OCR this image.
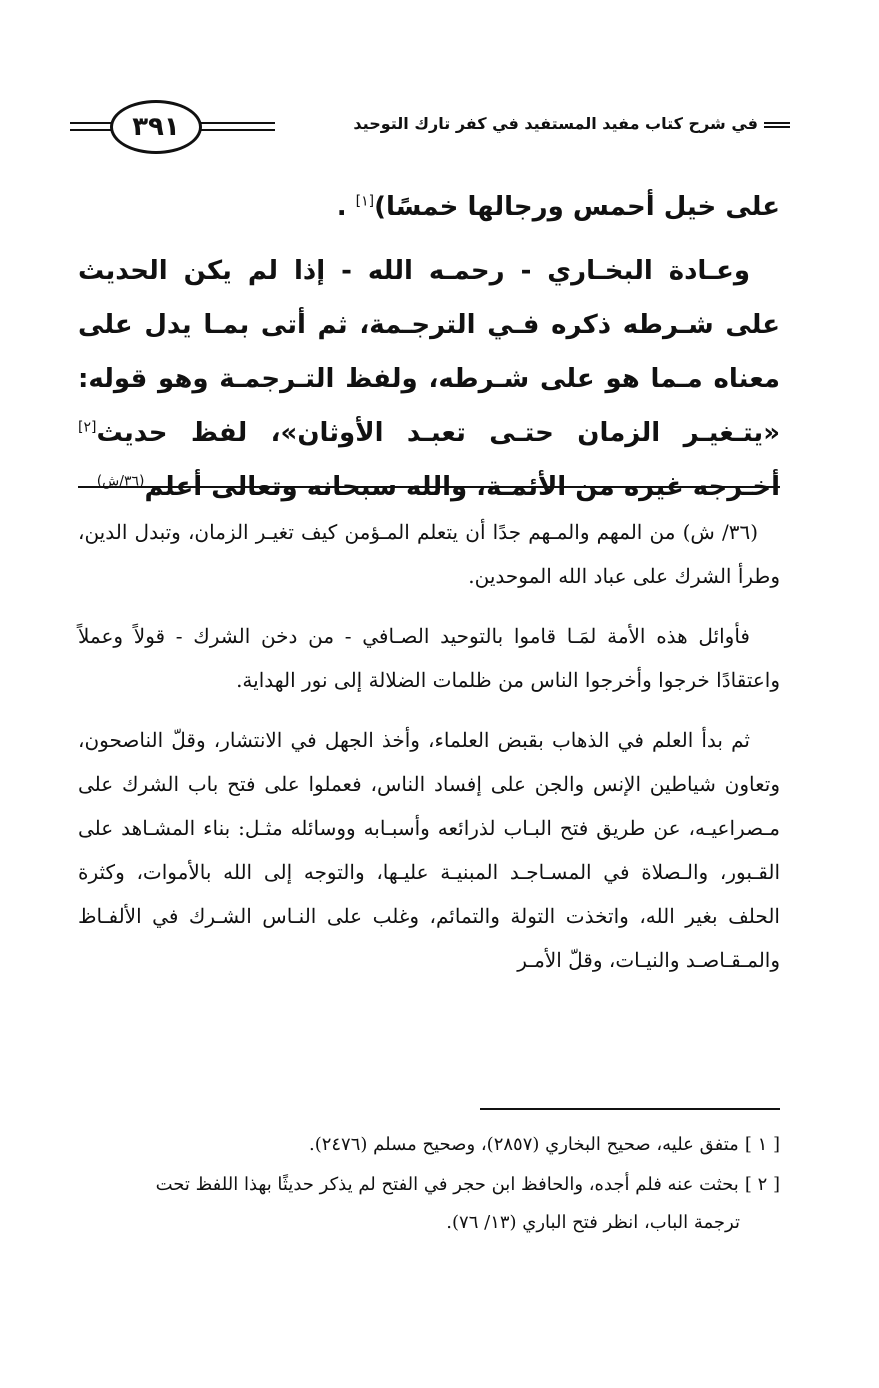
٣٩١	في شرح كتاب مفيد المستفيد في كفر تارك التوحيد

على خيل أحمس ورجالها خمسًا)[١] .

وعـادة البخـاري - رحمـه الله - إذا لم يكن الحديث على شـرطه ذكره فـي الترجـمة، ثم أتى بمـا يدل على معناه مـما هو على شـرطه، ولفظ التـرجمـة وهو قوله: «يتـغيـر الزمان حتـى تعبـد الأوثان»، لفظ حديث[٢] أخـرجه غيره من الأئمـة، والله سبحانه وتعالى أعلم$^{(٣٦/ش)}$

(٣٦/ ش) من المهم والمـهم جدًا أن يتعلم المـؤمن كيف تغيـر الزمان، وتبدل الدين، وطرأ الشرك على عباد الله الموحدين.

فأوائل هذه الأمة لمَـا قاموا بالتوحيد الصـافي - من دخن الشرك - قولاً وعملاً واعتقادًا خرجوا وأخرجوا الناس من ظلمات الضلالة إلى نور الهداية.

ثم بدأ العلم في الذهاب بقبض العلماء، وأخذ الجهل في الانتشار، وقلّ الناصحون، وتعاون شياطين الإنس والجن على إفساد الناس، فعملوا على فتح باب الشرك على مـصراعيـه، عن طريق فتح البـاب لذرائعه وأسبـابه ووسائله مثـل: بناء المشـاهد على القـبور، والـصلاة في المسـاجـد المبنيـة عليـها، والتوجه إلى الله بالأموات، وكثرة الحلف بغير الله، واتخذت التولة والتمائم، وغلب على النـاس الشـرك في الألفـاظ والمـقـاصـد والنيـات، وقلّ الأمـر

[ ١ ]متفق عليه، صحيح البخاري (٢٨٥٧)، وصحيح مسلم (٢٤٧٦).
[ ٢ ]بحثت عنه فلم أجده، والحافظ ابن حجر في الفتح لم يذكر حديثًا بهذا اللفظ تحت
ترجمة الباب، انظر فتح الباري (١٣/ ٧٦).
